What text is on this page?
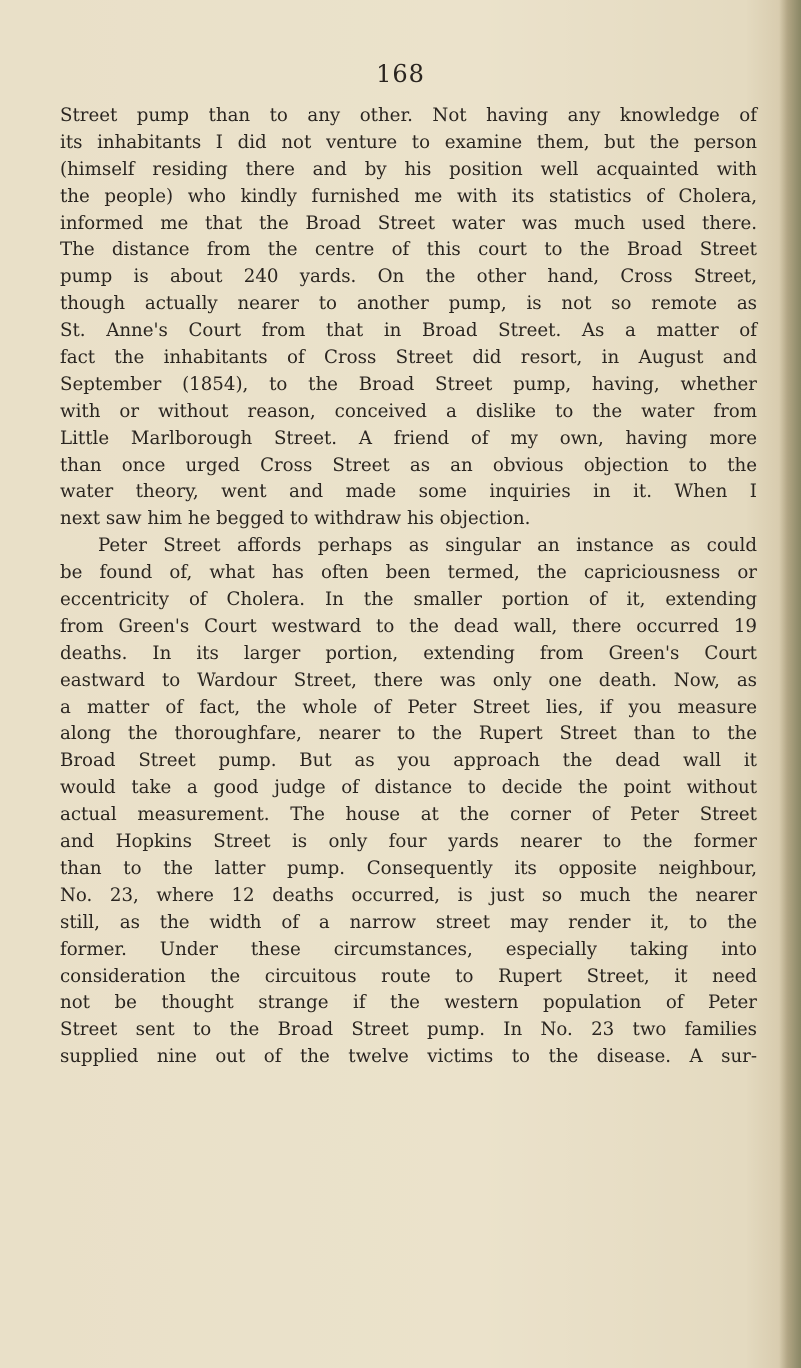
168
Street pump than to any other. Not having any knowledge of
its inhabitants I did not venture to examine them, but the person
(himself residing there and by his position well acquainted with
the people) who kindly furnished me with its statistics of Cholera,
informed me that the Broad Street water was much used there.
The distance from the centre of this court to the Broad Street
pump is about 240 yards. On the other hand, Cross Street,
though actually nearer to another pump, is not so remote as
St. Anne's Court from that in Broad Street. As a matter of
fact the inhabitants of Cross Street did resort, in August and
September (1854), to the Broad Street pump, having, whether
with or without reason, conceived a dislike to the water from
Little Marlborough Street. A friend of my own, having more
than once urged Cross Street as an obvious objection to the
water theory, went and made some inquiries in it. When I
next saw him he begged to withdraw his objection.
Peter Street affords perhaps as singular an instance as could
be found of, what has often been termed, the capriciousness or
eccentricity of Cholera. In the smaller portion of it, extending
from Green's Court westward to the dead wall, there occurred 19
deaths. In its larger portion, extending from Green's Court
eastward to Wardour Street, there was only one death. Now, as
a matter of fact, the whole of Peter Street lies, if you measure
along the thoroughfare, nearer to the Rupert Street than to the
Broad Street pump. But as you approach the dead wall it
would take a good judge of distance to decide the point without
actual measurement. The house at the corner of Peter Street
and Hopkins Street is only four yards nearer to the former
than to the latter pump. Consequently its opposite neighbour,
No. 23, where 12 deaths occurred, is just so much the nearer
still, as the width of a narrow street may render it, to the
former. Under these circumstances, especially taking into
consideration the circuitous route to Rupert Street, it need
not be thought strange if the western population of Peter
Street sent to the Broad Street pump. In No. 23 two families
supplied nine out of the twelve victims to the disease. A sur-
